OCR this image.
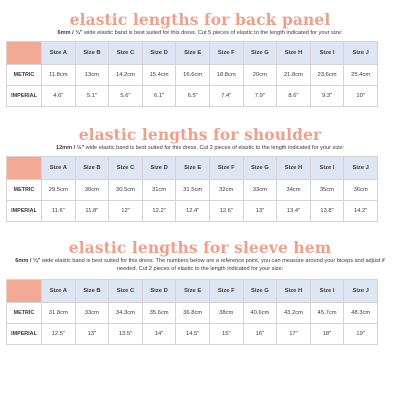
elastic lengths for back panel

6mm / ¼" wide elastic band is best suited for this dress. Cut 5 pieces of elastic to the length indicated for your size:

	Size A	Size B	Size C	Size D	Size E	Size F	Size G	Size H	Size I	Size J
METRIC	11.8cm	13cm	14.2cm	15.4cm	16.6cm	18.8cm	20cm	21.8cm	23.6cm	25.4cm
IMPERIAL	4.6"	5.1"	5.6"	6.1"	6.5"	7.4"	7.9"	8.6"	9.3"	10"
elastic lengths for shoulder

12mm / ½" wide elastic band is best suited for this dress. Cut 2 pieces of elastic to the length indicated for your size:

	Size A	Size B	Size C	Size D	Size E	Size F	Size G	Size H	Size I	Size J
METRIC	29.5cm	30cm	30.5cm	31cm	31.5cm	32cm	33cm	34cm	35cm	36cm
IMPERIAL	11.6"	11.8"	12"	12.2"	12.4"	12.6"	13"	13.4"	13.8"	14.2"
elastic lengths for sleeve hem

6mm / ¼" wide elastic band is best suited for this dress. The numbers below are a reference point, you can measure around your biceps and adjust if needed. Cut 2 pieces of elastic to the length indicated for your size:

	Size A	Size B	Size C	Size D	Size E	Size F	Size G	Size H	Size I	Size J
METRIC	31.8cm	33cm	34.3cm	35.6cm	36.8cm	38cm	40.6cm	43.2cm	45.7cm	48.3cm
IMPERIAL	12.5"	13"	13.5"	14"	14.5"	15"	16"	17"	18"	19"
